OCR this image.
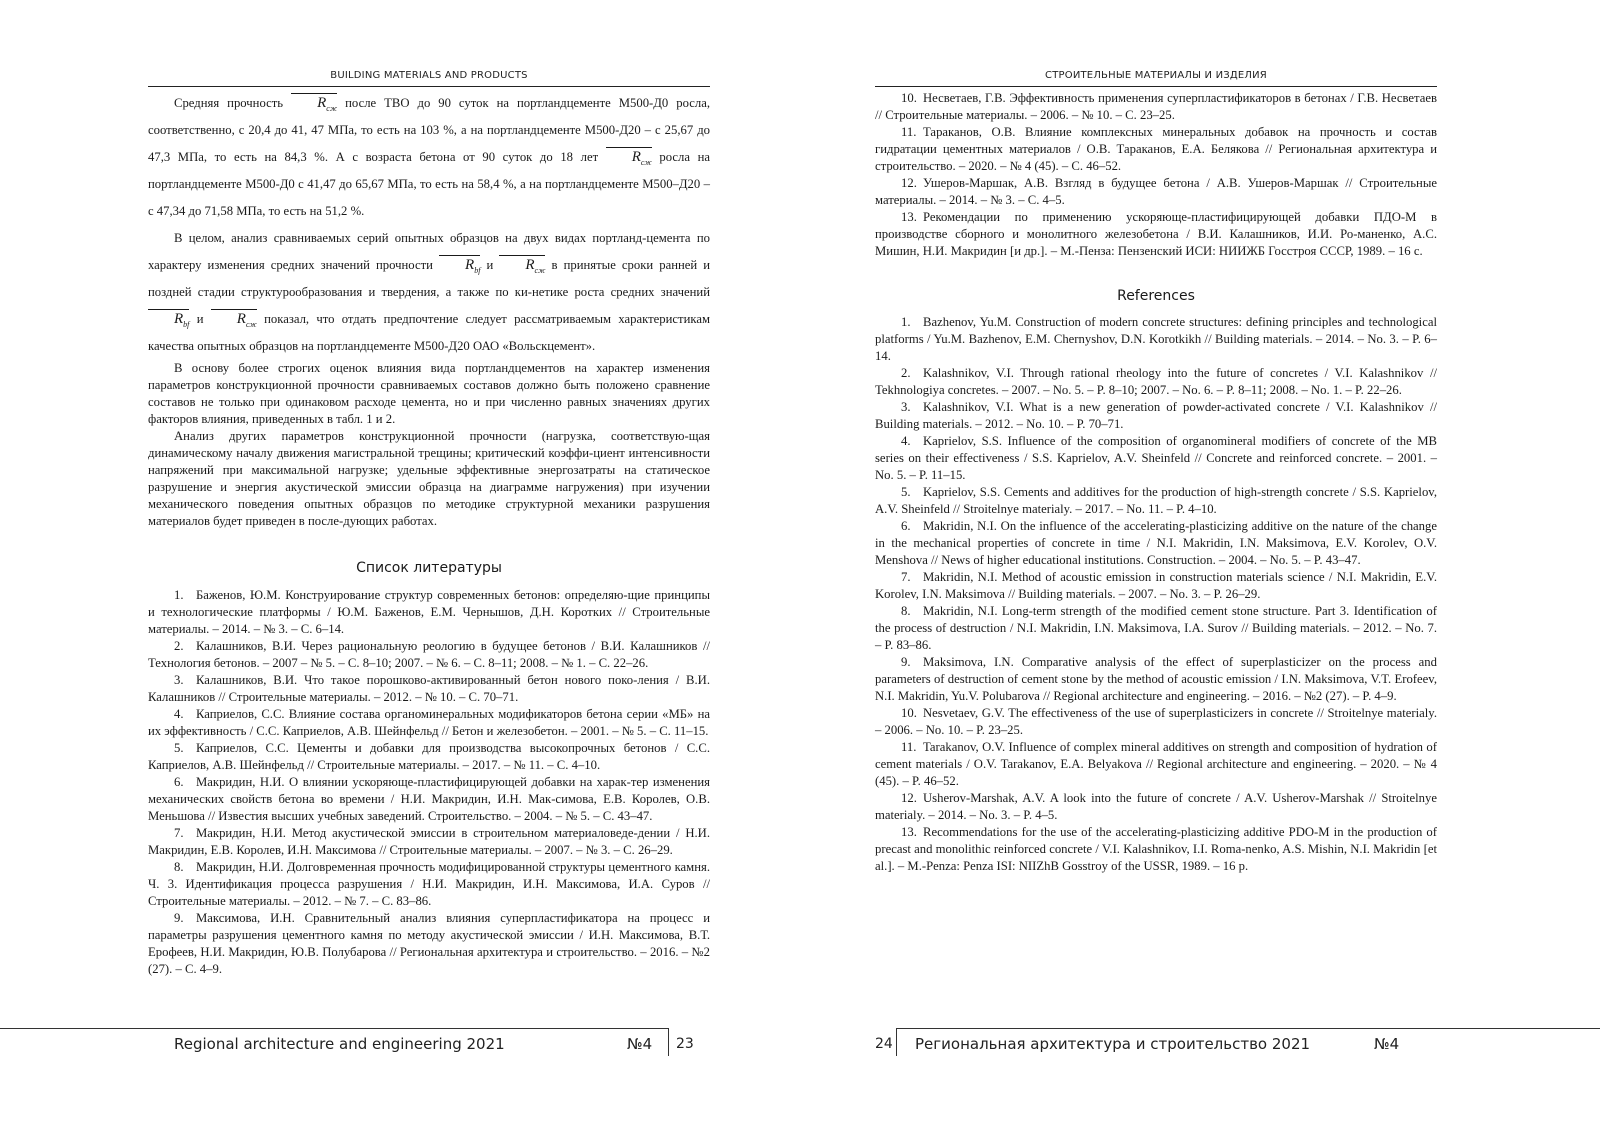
BUILDING MATERIALS AND PRODUCTS

Средняя прочность $R_{сж}$ после ТВО до 90 суток на портландцементе М500-Д0 росла, соответственно, с 20,4 до 41, 47 МПа, то есть на 103 %, а на портландцементе М500-Д20 – с 25,67 до 47,3 МПа, то есть на 84,3 %. А с возраста бетона от 90 суток до 18 лет $R_{сж}$ росла на портландцементе М500-Д0 с 41,47 до 65,67 МПа, то есть на 58,4 %, а на портландцементе М500–Д20 – с 47,34 до 71,58 МПа, то есть на 51,2 %.

В целом, анализ сравниваемых серий опытных образцов на двух видах портланд-цемента по характеру изменения средних значений прочности $R_{bf}$ и $R_{сж}$ в принятые сроки ранней и поздней стадии структурообразования и твердения, а также по ки-нетике роста средних значений $R_{bf}$ и $R_{сж}$ показал, что отдать предпочтение следует рассматриваемым характеристикам качества опытных образцов на портландцементе М500-Д20 ОАО «Вольскцемент».

В основу более строгих оценок влияния вида портландцементов на характер изменения параметров конструкционной прочности сравниваемых составов должно быть положено сравнение составов не только при одинаковом расходе цемента, но и при численно равных значениях других факторов влияния, приведенных в табл. 1 и 2.

Анализ других параметров конструкционной прочности (нагрузка, соответствую-щая динамическому началу движения магистральной трещины; критический коэффи-циент интенсивности напряжений при максимальной нагрузке; удельные эффективные энергозатраты на статическое разрушение и энергия акустической эмиссии образца на диаграмме нагружения) при изучении механического поведения опытных образцов по методике структурной механики разрушения материалов будет приведен в после-дующих работах.

Список литературы
1. Баженов, Ю.М. Конструирование структур современных бетонов: определяю-щие принципы и технологические платформы / Ю.М. Баженов, Е.М. Чернышов, Д.Н. Коротких // Строительные материалы. – 2014. – № 3. – С. 6–14.
2. Калашников, В.И. Через рациональную реологию в будущее бетонов / В.И. Калашников // Технология бетонов. – 2007 – № 5. – С. 8–10; 2007. – № 6. – С. 8–11; 2008. – № 1. – С. 22–26.
3. Калашников, В.И. Что такое порошково-активированный бетон нового поко-ления / В.И. Калашников // Строительные материалы. – 2012. – № 10. – С. 70–71.
4. Каприелов, С.С. Влияние состава органоминеральных модификаторов бетона серии «МБ» на их эффективность / С.С. Каприелов, А.В. Шейнфельд // Бетон и железобетон. – 2001. – № 5. – С. 11–15.
5. Каприелов, С.С. Цементы и добавки для производства высокопрочных бетонов / С.С. Каприелов, А.В. Шейнфельд // Строительные материалы. – 2017. – № 11. – С. 4–10.
6. Макридин, Н.И. О влиянии ускоряюще-пластифицирующей добавки на харак-тер изменения механических свойств бетона во времени / Н.И. Макридин, И.Н. Мак-симова, Е.В. Королев, О.В. Меньшова // Известия высших учебных заведений. Строительство. – 2004. – № 5. – С. 43–47.
7. Макридин, Н.И. Метод акустической эмиссии в строительном материаловеде-дении / Н.И. Макридин, Е.В. Королев, И.Н. Максимова // Строительные материалы. – 2007. – № 3. – С. 26–29.
8. Макридин, Н.И. Долговременная прочность модифицированной структуры цементного камня. Ч. 3. Идентификация процесса разрушения / Н.И. Макридин, И.Н. Максимова, И.А. Суров // Строительные материалы. – 2012. – № 7. – С. 83–86.
9. Максимова, И.Н. Сравнительный анализ влияния суперпластификатора на процесс и параметры разрушения цементного камня по методу акустической эмиссии / И.Н. Максимова, В.Т. Ерофеев, Н.И. Макридин, Ю.В. Полубарова // Региональная архитектура и строительство. – 2016. – №2 (27). – С. 4–9.
Regional architecture and engineering 2021	№4 23
СТРОИТЕЛЬНЫЕ МАТЕРИАЛЫ И ИЗДЕЛИЯ
10. Несветаев, Г.В. Эффективность применения суперпластификаторов в бетонах / Г.В. Несветаев // Строительные материалы. – 2006. – № 10. – С. 23–25.
11. Тараканов, О.В. Влияние комплексных минеральных добавок на прочность и состав гидратации цементных материалов / О.В. Тараканов, Е.А. Белякова // Региональная архитектура и строительство. – 2020. – № 4 (45). – С. 46–52.
12. Ушеров-Маршак, А.В. Взгляд в будущее бетона / А.В. Ушеров-Маршак // Строительные материалы. – 2014. – № 3. – С. 4–5.
13. Рекомендации по применению ускоряюще-пластифицирующей добавки ПДО-М в производстве сборного и монолитного железобетона / В.И. Калашников, И.И. Ро-маненко, А.С. Мишин, Н.И. Макридин [и др.]. – М.-Пенза: Пензенский ИСИ: НИИЖБ Госстроя СССР, 1989. – 16 с.
References
1. Bazhenov, Yu.M. Construction of modern concrete structures: defining principles and technological platforms / Yu.M. Bazhenov, E.M. Chernyshov, D.N. Korotkikh // Building materials. – 2014. – No. 3. – P. 6–14.
2. Kalashnikov, V.I. Through rational rheology into the future of concretes / V.I. Kalashnikov // Tekhnologiya concretes. – 2007. – No. 5. – P. 8–10; 2007. – No. 6. – P. 8–11; 2008. – No. 1. – P. 22–26.
3. Kalashnikov, V.I. What is a new generation of powder-activated concrete / V.I. Kalashnikov // Building materials. – 2012. – No. 10. – P. 70–71.
4. Kaprielov, S.S. Influence of the composition of organomineral modifiers of concrete of the MB series on their effectiveness / S.S. Kaprielov, A.V. Sheinfeld // Concrete and reinforced concrete. – 2001. – No. 5. – P. 11–15.
5. Kaprielov, S.S. Cements and additives for the production of high-strength concrete / S.S. Kaprielov, A.V. Sheinfeld // Stroitelnye materialy. – 2017. – No. 11. – P. 4–10.
6. Makridin, N.I. On the influence of the accelerating-plasticizing additive on the nature of the change in the mechanical properties of concrete in time / N.I. Makridin, I.N. Maksimova, E.V. Korolev, O.V. Menshova // News of higher educational institutions. Construction. – 2004. – No. 5. – P. 43–47.
7. Makridin, N.I. Method of acoustic emission in construction materials science / N.I. Makridin, E.V. Korolev, I.N. Maksimova // Building materials. – 2007. – No. 3. – P. 26–29.
8. Makridin, N.I. Long-term strength of the modified cement stone structure. Part 3. Identification of the process of destruction / N.I. Makridin, I.N. Maksimova, I.A. Surov // Building materials. – 2012. – No. 7. – P. 83–86.
9. Maksimova, I.N. Comparative analysis of the effect of superplasticizer on the process and parameters of destruction of cement stone by the method of acoustic emission / I.N. Maksimova, V.T. Erofeev, N.I. Makridin, Yu.V. Polubarova // Regional architecture and engineering. – 2016. – №2 (27). – P. 4–9.
10. Nesvetaev, G.V. The effectiveness of the use of superplasticizers in concrete // Stroitelnye materialy. – 2006. – No. 10. – P. 23–25.
11. Tarakanov, O.V. Influence of complex mineral additives on strength and composition of hydration of cement materials / O.V. Tarakanov, E.A. Belyakova // Regional architecture and engineering. – 2020. – № 4 (45). – P. 46–52.
12. Usherov-Marshak, A.V. A look into the future of concrete / A.V. Usherov-Marshak // Stroitelnye materialy. – 2014. – No. 3. – P. 4–5.
13. Recommendations for the use of the accelerating-plasticizing additive PDO-M in the production of precast and monolithic reinforced concrete / V.I. Kalashnikov, I.I. Roma-nenko, A.S. Mishin, N.I. Makridin [et al.]. – M.-Penza: Penza ISI: NIIZhB Gosstroy of the USSR, 1989. – 16 p.
24 Региональная архитектура и строительство 2021	№4
